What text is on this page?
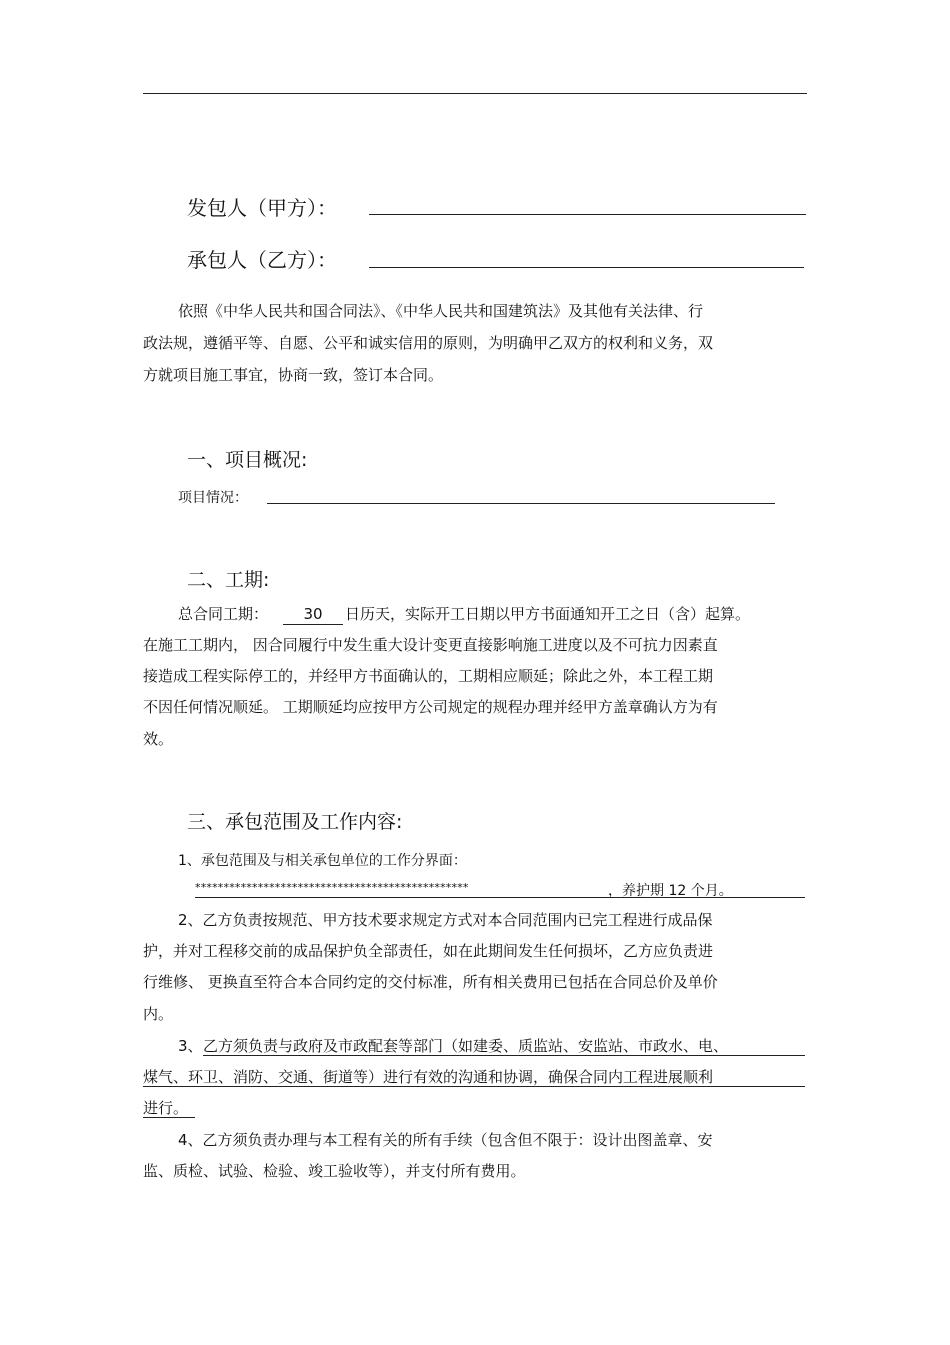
发包人（甲方）：
承包人（乙方）：
依照《中华人民共和国合同法》、《中华人民共和国建筑法》及其他有关法律、行
政法规，遵循平等、自愿、公平和诚实信用的原则，为明确甲乙双方的权利和义务，双
方就项目施工事宜，协商一致，签订本合同。
一、项目概况:
项目情况：
二、工期:
总合同工期：	30	日历天，实际开工日期以甲方书面通知开工之日（含）起算。
在施工工期内， 因合同履行中发生重大设计变更直接影响施工进度以及不可抗力因素直
接造成工程实际停工的，并经甲方书面确认的，工期相应顺延；除此之外，本工程工期
不因任何情况顺延。 工期顺延均应按甲方公司规定的规程办理并经甲方盖章确认方为有
效。
三、承包范围及工作内容:
1、承包范围及与相关承包单位的工作分界面：
************************************************	，养护期 12 个月。
2、乙方负责按规范、甲方技术要求规定方式对本合同范围内已完工程进行成品保
护，并对工程移交前的成品保护负全部责任，如在此期间发生任何损坏，乙方应负责进
行维修、 更换直至符合本合同约定的交付标准，所有相关费用已包括在合同总价及单价
内。
3、 乙方须负责与政府及市政配套等部门（如建委、质监站、安监站、市政水、电、
煤气、环卫、消防、交通、街道等）进行有效的沟通和协调，确保合同内工程进展顺利
进行。
4、乙方须负责办理与本工程有关的所有手续（包含但不限于：设计出图盖章、安
监、质检、试验、检验、竣工验收等），并支付所有费用。
